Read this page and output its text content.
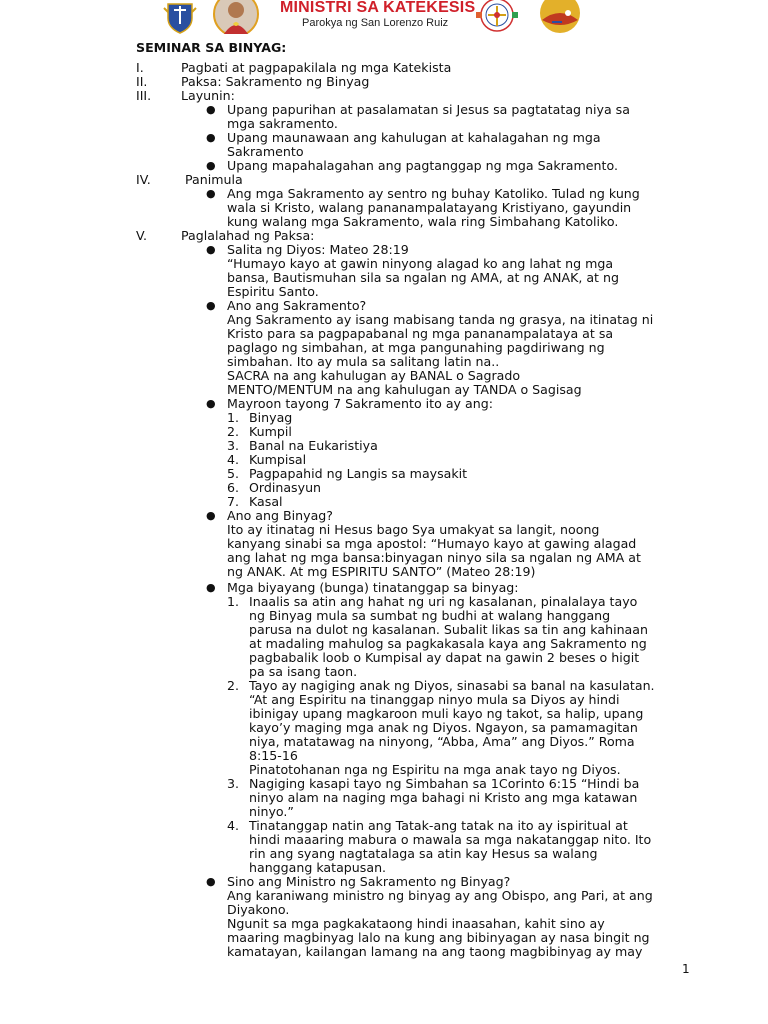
MINISTRI SA KATEKESIS
Parokya ng San Lorenzo Ruiz
SEMINAR SA BINYAG:
I.	Pagbati at pagpapakilala ng mga Katekista
II.	Paksa: Sakramento ng Binyag
III. Layunin:
● Upang papurihan at pasalamatan si Jesus sa pagtatatag niya sa
mga sakramento.
● Upang maunawaan ang kahulugan at kahalagahan ng mga
Sakramento
● Upang mapahalagahan ang pagtanggap ng mga Sakramento.
IV.	Panimula
● Ang mga Sakramento ay sentro ng buhay Katoliko. Tulad ng kung
wala si Kristo, walang pananampalatayang Kristiyano, gayundin
kung walang mga Sakramento, wala ring Simbahang Katoliko.
V.	Paglalahad ng Paksa:
● Salita ng Diyos: Mateo 28:19
“Humayo kayo at gawin ninyong alagad ko ang lahat ng mga
bansa, Bautismuhan sila sa ngalan ng AMA, at ng ANAK, at ng
Espiritu Santo.
● Ano ang Sakramento?
Ang Sakramento ay isang mabisang tanda ng grasya, na itinatag ni
Kristo para sa pagpapabanal ng mga pananampalataya at sa
paglago ng simbahan, at mga pangunahing pagdiriwang ng
simbahan. Ito ay mula sa salitang latin na..
SACRA na ang kahulugan ay BANAL o Sagrado
MENTO/MENTUM na ang kahulugan ay TANDA o Sagisag
● Mayroon tayong 7 Sakramento ito ay ang:
1. Binyag
2. Kumpil
3. Banal na Eukaristiya
4. Kumpisal
5. Pagpapahid ng Langis sa maysakit
6. Ordinasyun
7. Kasal
● Ano ang Binyag?
Ito ay itinatag ni Hesus bago Sya umakyat sa langit, noong
kanyang sinabi sa mga apostol: “Humayo kayo at gawing alagad
ang lahat ng mga bansa:binyagan ninyo sila sa ngalan ng AMA at
ng ANAK. At mg ESPIRITU SANTO” (Mateo 28:19)
● Mga biyayang (bunga) tinatanggap sa binyag:
1. Inaalis sa atin ang hahat ng uri ng kasalanan, pinalalaya tayo
ng Binyag mula sa sumbat ng budhi at walang hanggang
parusa na dulot ng kasalanan. Subalit likas sa tin ang kahinaan
at madaling mahulog sa pagkakasala kaya ang Sakramento ng
pagbabalik loob o Kumpisal ay dapat na gawin 2 beses o higit
pa sa isang taon.
2. Tayo ay nagiging anak ng Diyos, sinasabi sa banal na kasulatan.
“At ang Espiritu na tinanggap ninyo mula sa Diyos ay hindi
ibinigay upang magkaroon muli kayo ng takot, sa halip, upang
kayo’y maging mga anak ng Diyos. Ngayon, sa pamamagitan
niya, matatawag na ninyong, “Abba, Ama” ang Diyos.” Roma
8:15-16
Pinatotohanan nga ng Espiritu na mga anak tayo ng Diyos.
3. Nagiging kasapi tayo ng Simbahan sa 1Corinto 6:15 “Hindi ba
ninyo alam na naging mga bahagi ni Kristo ang mga katawan
ninyo.”
4. Tinatanggap natin ang Tatak-ang tatak na ito ay ispiritual at
hindi maaaring mabura o mawala sa mga nakatanggap nito. Ito
rin ang syang nagtatalaga sa atin kay Hesus sa walang
hanggang katapusan.
● Sino ang Ministro ng Sakramento ng Binyag?
Ang karaniwang ministro ng binyag ay ang Obispo, ang Pari, at ang
Diyakono.
Ngunit sa mga pagkakataong hindi inaasahan, kahit sino ay
maaring magbinyag lalo na kung ang bibinyagan ay nasa bingit ng
kamatayan, kailangan lamang na ang taong magbibinyag ay may
1
